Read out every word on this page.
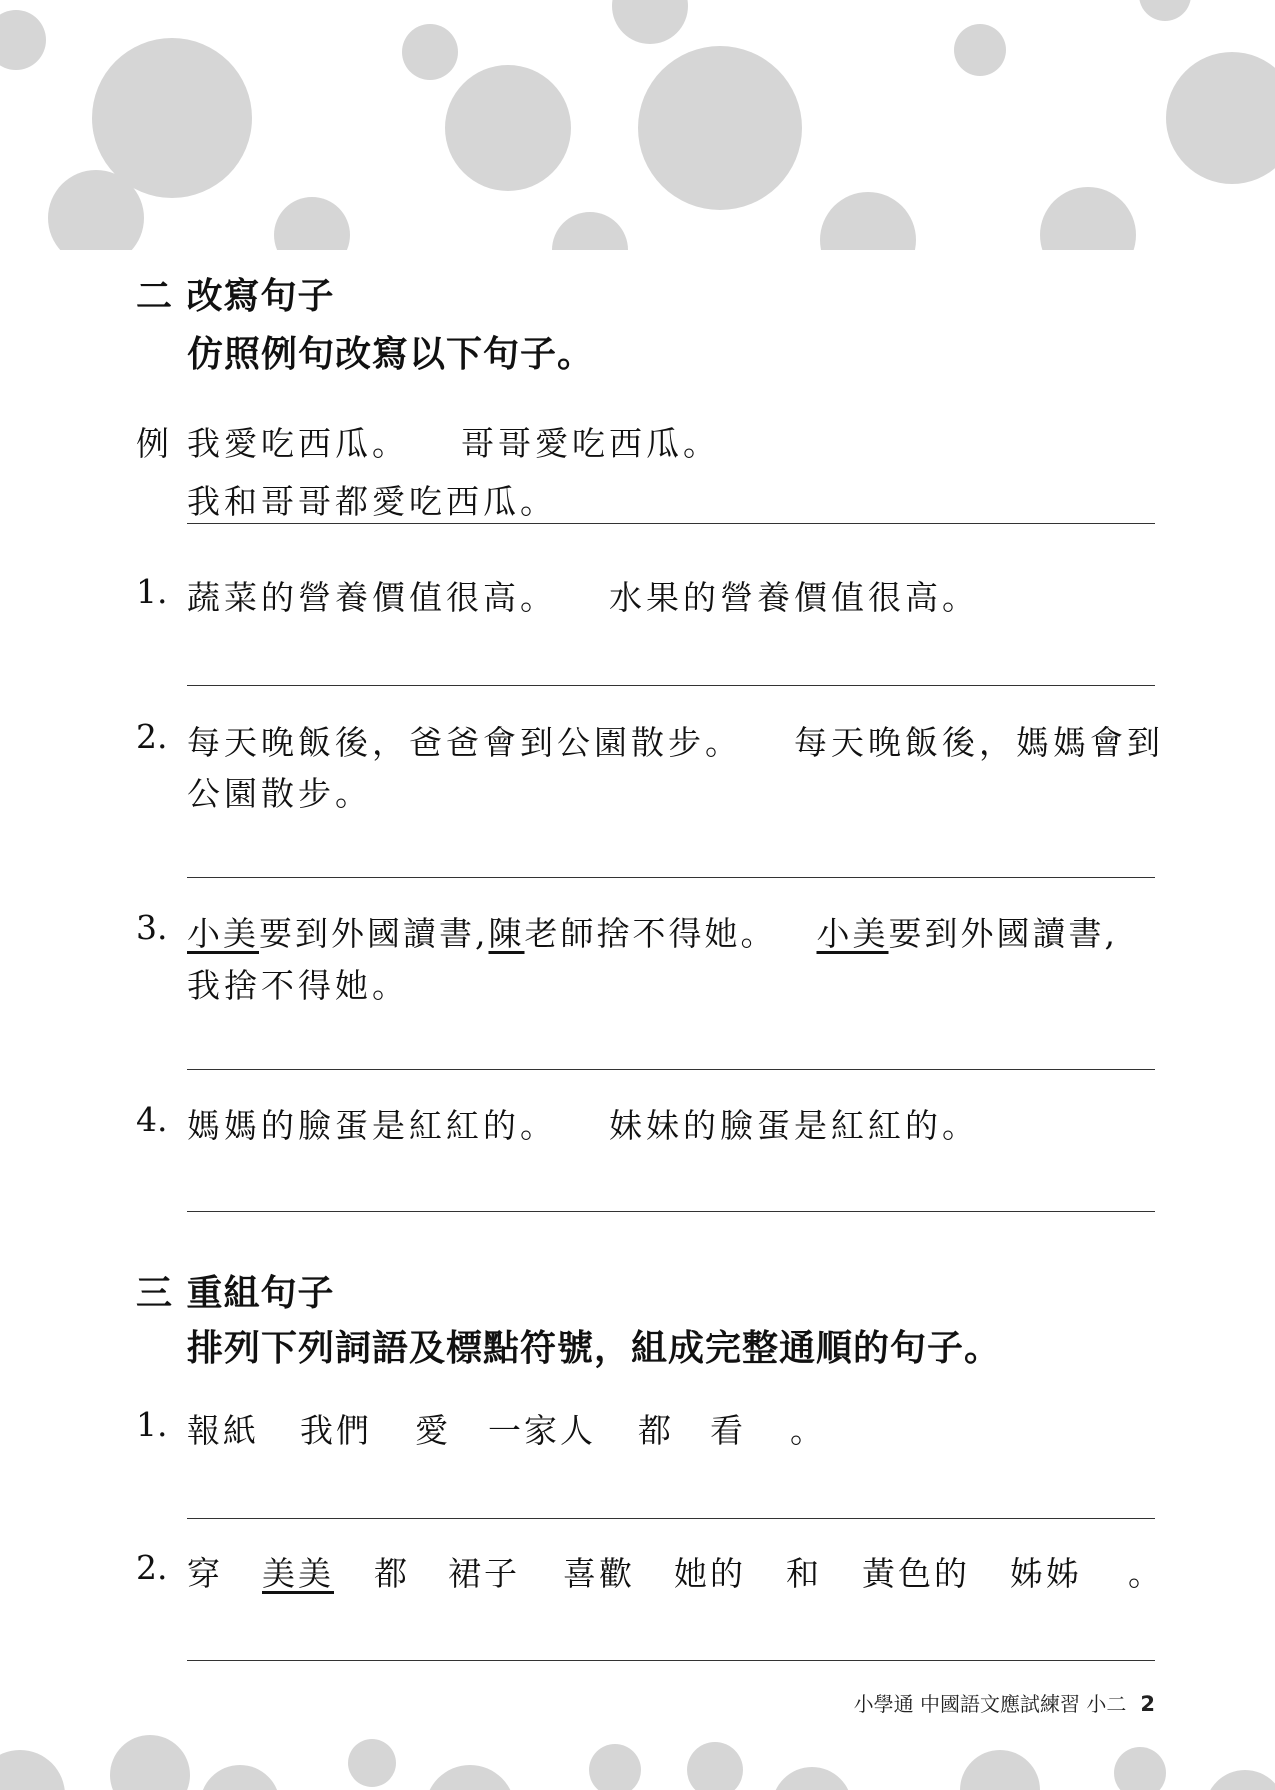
二 改寫句子
仿照例句改寫以下句子。
例 我愛吃西瓜。 哥哥愛吃西瓜。
我和哥哥都愛吃西瓜。
1. 蔬菜的營養價值很高。 水果的營養價值很高。
2. 每天晚飯後，爸爸會到公園散步。 每天晚飯後，媽媽會到
公園散步。
3. 小美要到外國讀書,陳老師捨不得她。 小美要到外國讀書,
我捨不得她。
4. 媽媽的臉蛋是紅紅的。 妹妹的臉蛋是紅紅的。
三 重組句子
排列下列詞語及標點符號，組成完整通順的句子。
1. 報紙 我們 愛 一家人 都 看 。
2. 穿 美美 都 裙子 喜歡 她的 和 黃色的 姊姊 。
小學通 中國語文應試練習 小二 2
